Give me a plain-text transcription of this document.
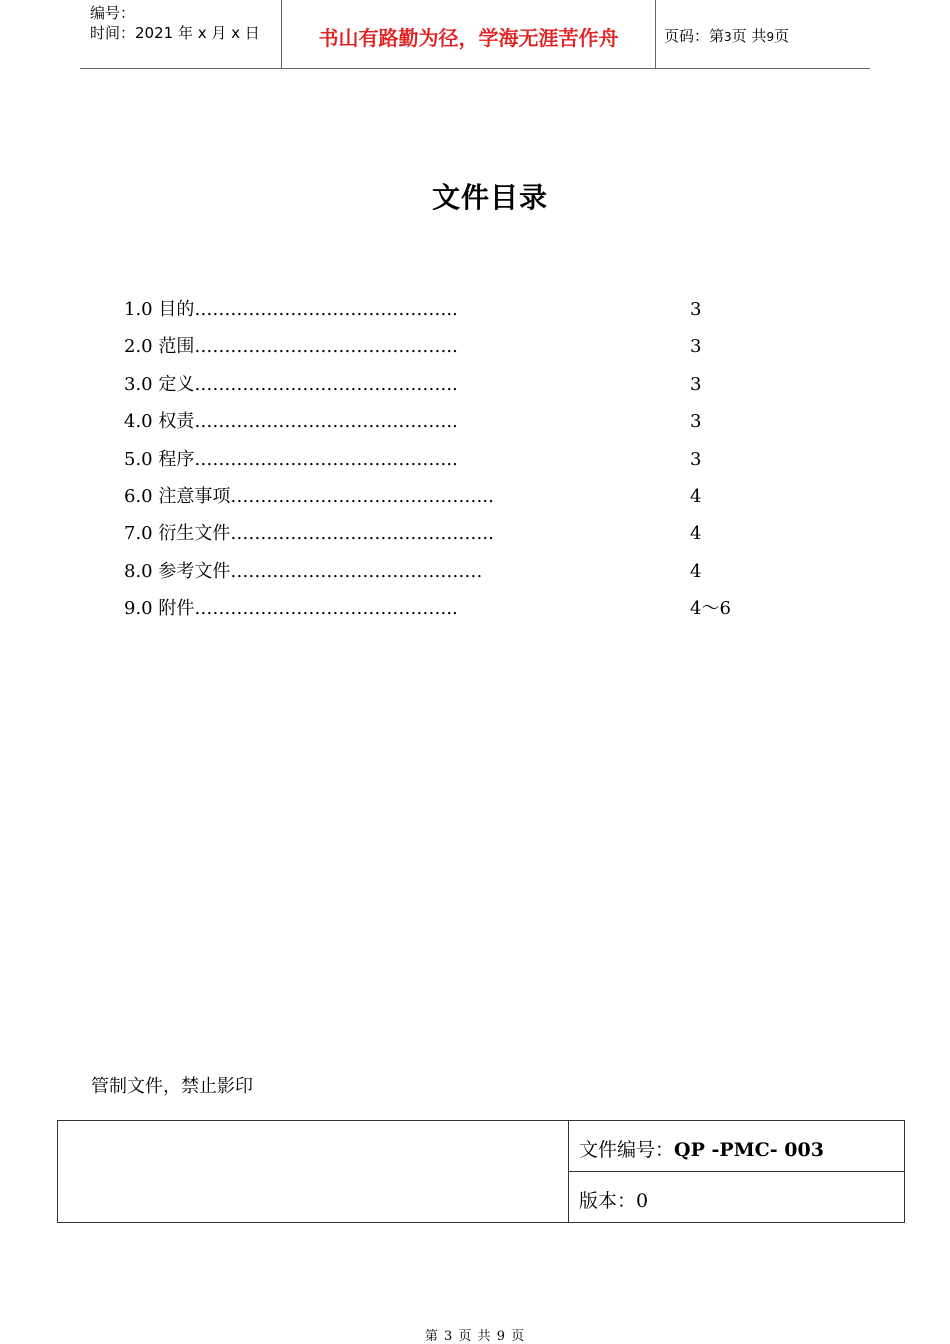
编号：
时间：2021 年 x 月 x 日	书山有路勤为径，学海无涯苦作舟	页码：第3页 共9页
文件目录
1.0 目的……………………………………..	3
2.0 范围……………………………………..	3
3.0 定义……………………………………..	3
4.0 权责……………………………………..	3
5.0 程序……………………………………..	3
6.0 注意事项……………………………………..	4
7.0 衍生文件……………………………………..	4
8.0 参考文件……………………………………	4
9.0 附件……………………………………..	4～6
管制文件，禁止影印
文件编号：QP -PMC- 003
版本：0
第 3 页 共 9 页
